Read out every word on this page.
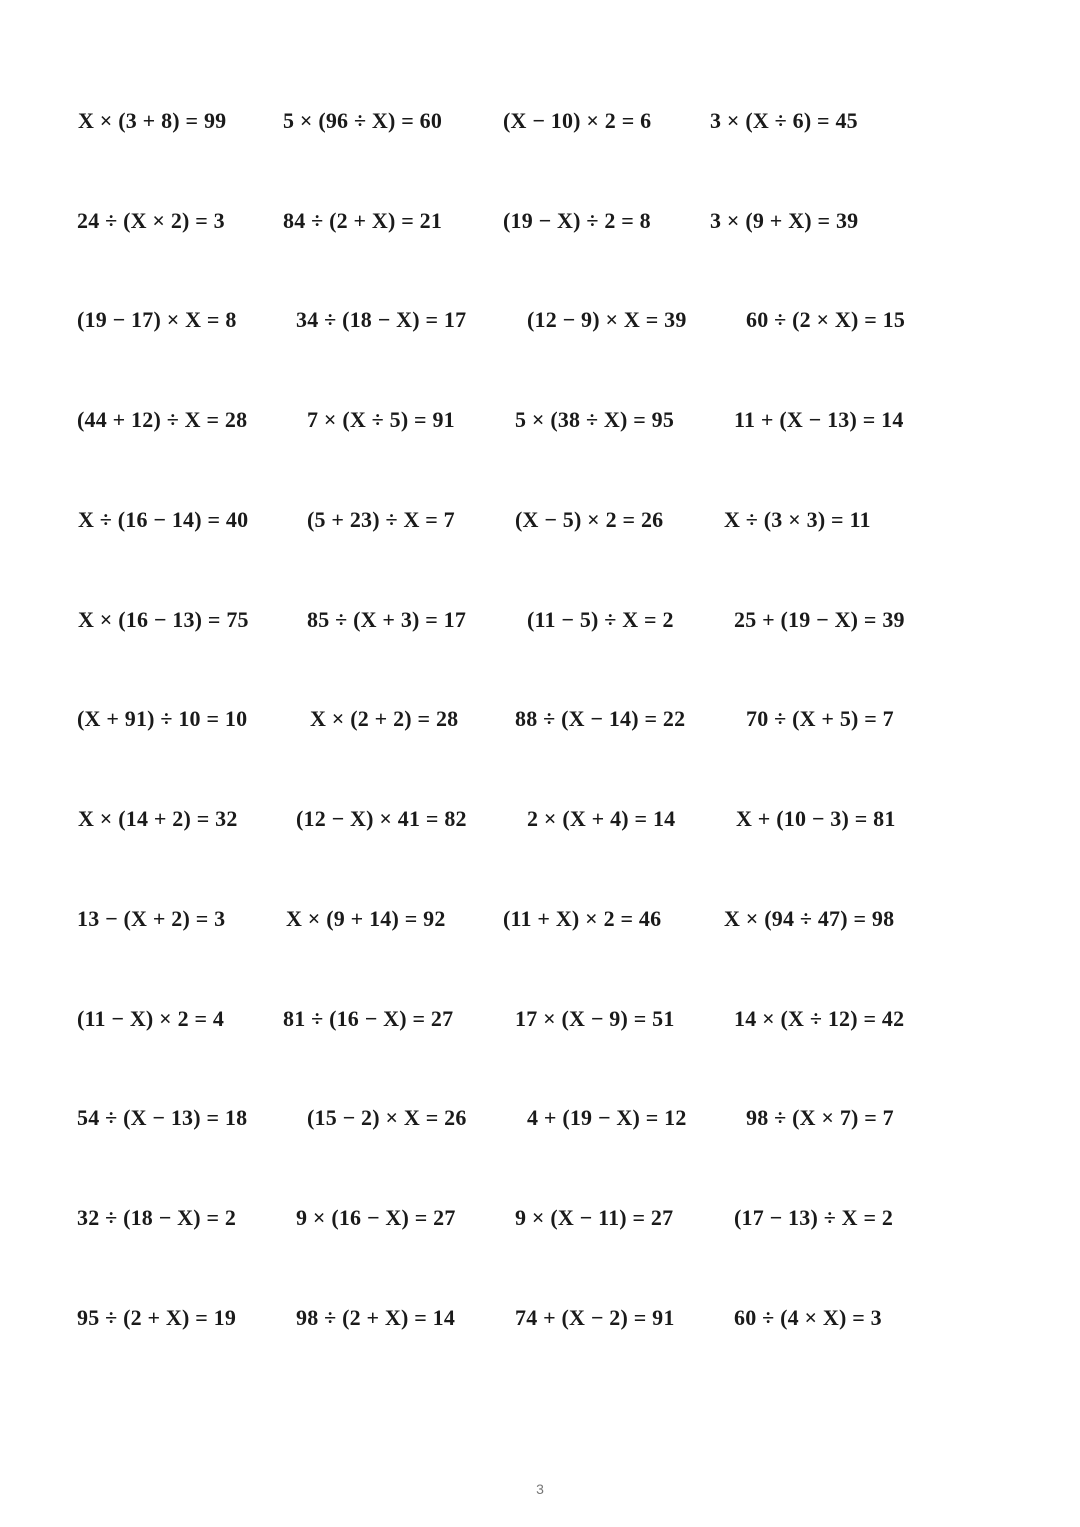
X × (3 + 8) = 99	5 × (96 ÷ X) = 60	(X − 10) × 2 = 6	3 × (X ÷ 6) = 45
24 ÷ (X × 2) = 3	84 ÷ (2 + X) = 21	(19 − X) ÷ 2 = 8	3 × (9 + X) = 39
(19 − 17) × X = 8	34 ÷ (18 − X) = 17	(12 − 9) × X = 39	60 ÷ (2 × X) = 15
(44 + 12) ÷ X = 28	7 × (X ÷ 5) = 91	5 × (38 ÷ X) = 95	11 + (X − 13) = 14
X ÷ (16 − 14) = 40	(5 + 23) ÷ X = 7	(X − 5) × 2 = 26	X ÷ (3 × 3) = 11
X × (16 − 13) = 75	85 ÷ (X + 3) = 17	(11 − 5) ÷ X = 2	25 + (19 − X) = 39
(X + 91) ÷ 10 = 10	X × (2 + 2) = 28	88 ÷ (X − 14) = 22	70 ÷ (X + 5) = 7
X × (14 + 2) = 32	(12 − X) × 41 = 82	2 × (X + 4) = 14	X + (10 − 3) = 81
13 − (X + 2) = 3	X × (9 + 14) = 92	(11 + X) × 2 = 46	X × (94 ÷ 47) = 98
(11 − X) × 2 = 4	81 ÷ (16 − X) = 27	17 × (X − 9) = 51	14 × (X ÷ 12) = 42
54 ÷ (X − 13) = 18	(15 − 2) × X = 26	4 + (19 − X) = 12	98 ÷ (X × 7) = 7
32 ÷ (18 − X) = 2	9 × (16 − X) = 27	9 × (X − 11) = 27	(17 − 13) ÷ X = 2
95 ÷ (2 + X) = 19	98 ÷ (2 + X) = 14	74 + (X − 2) = 91	60 ÷ (4 × X) = 3
3
